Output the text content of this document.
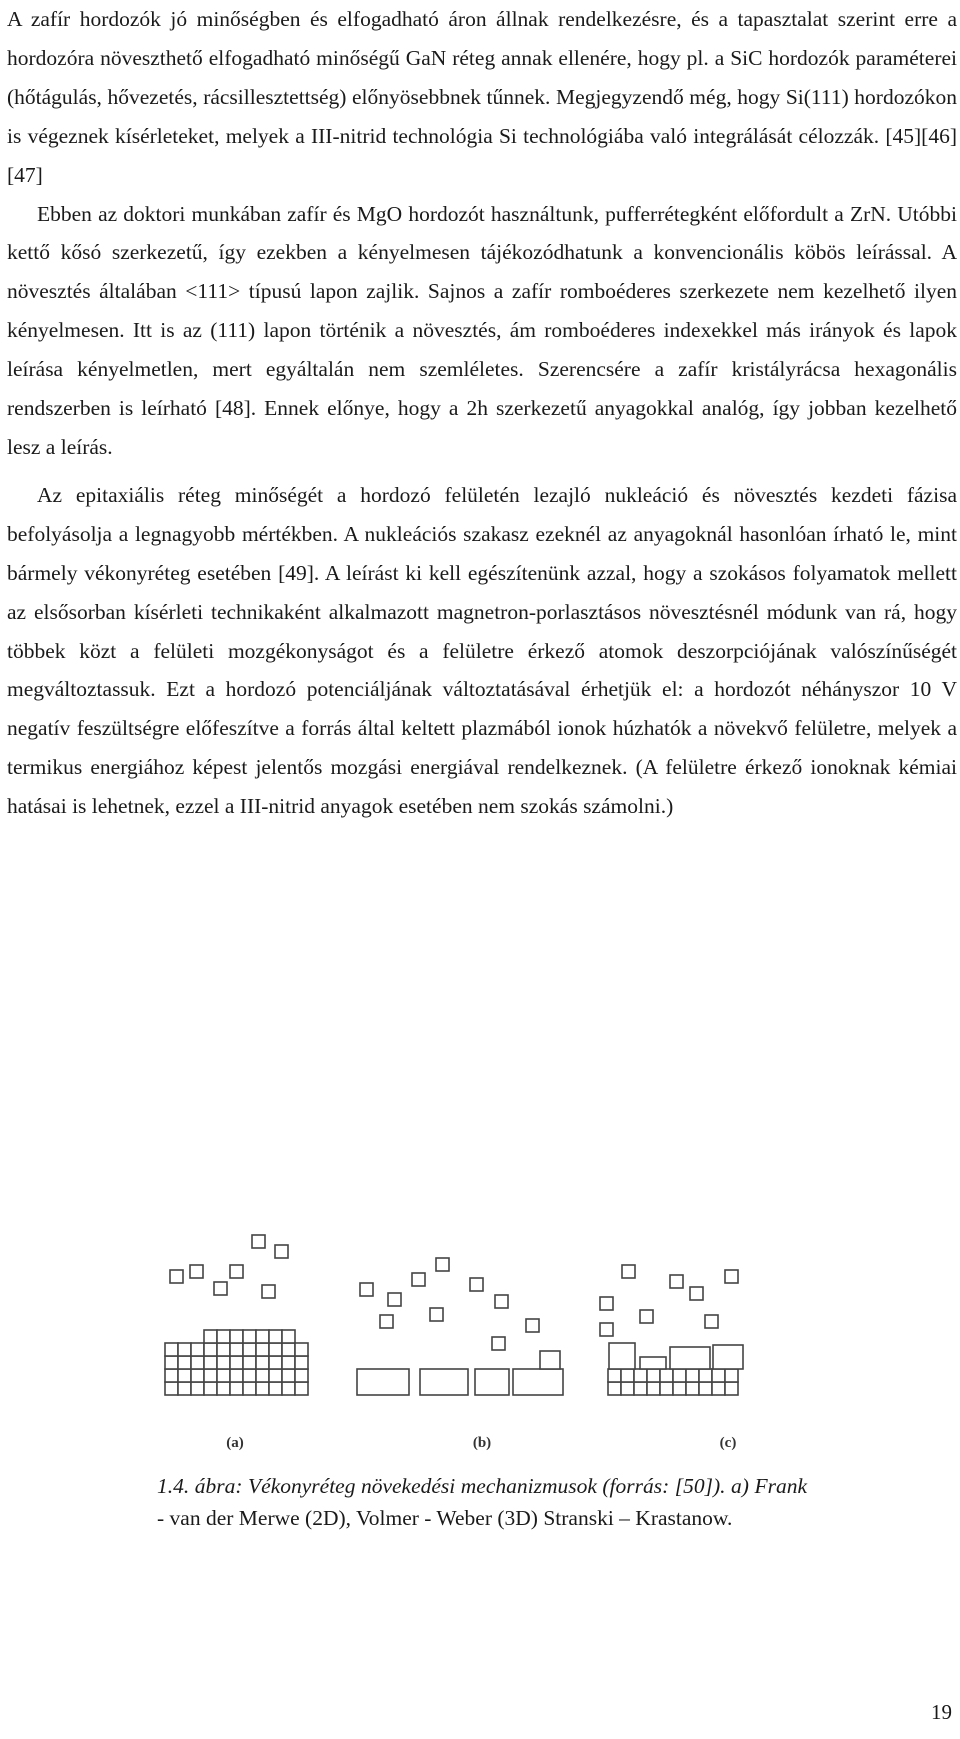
A zafír hordozók jó minőségben és elfogadható áron állnak rendelkezésre, és a tapasztalat szerint erre a hordozóra növeszthető elfogadható minőségű GaN réteg annak ellenére, hogy pl. a SiC hordozók paraméterei (hőtágulás, hővezetés, rácsillesztettség) előnyösebbnek tűnnek. Megjegyzendő még, hogy Si(111) hordozókon is végeznek kísérleteket, melyek a III-nitrid technológia Si technológiába való integrálását célozzák. [45][46][47]

Ebben az doktori munkában zafír és MgO hordozót használtunk, pufferrétegként előfordult a ZrN. Utóbbi kettő kősó szerkezetű, így ezekben a kényelmesen tájékozódhatunk a konvencionális köbös leírással. A növesztés általában <111> típusú lapon zajlik. Sajnos a zafír romboéderes szerkezete nem kezelhető ilyen kényelmesen. Itt is az (111) lapon történik a növesztés, ám romboéderes indexekkel más irányok és lapok leírása kényelmetlen, mert egyáltalán nem szemléletes. Szerencsére a zafír kristályrácsa hexagonális rendszerben is leírható [48]. Ennek előnye, hogy a 2h szerkezetű anyagokkal analóg, így jobban kezelhető lesz a leírás.

Az epitaxiális réteg minőségét a hordozó felületén lezajló nukleáció és növesztés kezdeti fázisa befolyásolja a legnagyobb mértékben. A nukleációs szakasz ezeknél az anyagoknál hasonlóan írható le, mint bármely vékonyréteg esetében [49]. A leírást ki kell egészítenünk azzal, hogy a szokásos folyamatok mellett az elsősorban kísérleti technikaként alkalmazott magnetron-porlasztásos növesztésnél módunk van rá, hogy többek közt a felületi mozgékonyságot és a felületre érkező atomok deszorpciójának valószínűségét megváltoztassuk. Ezt a hordozó potenciáljának változtatásával érhetjük el: a hordozót néhányszor 10 V negatív feszültségre előfeszítve a forrás által keltett plazmából ionok húzhatók a növekvő felületre, melyek a termikus energiához képest jelentős mozgási energiával rendelkeznek. (A felületre érkező ionoknak kémiai hatásai is lehetnek, ezzel a III-nitrid anyagok esetében nem szokás számolni.)

(a)	(b)	(c)

1.4. ábra: Vékonyréteg növekedési mechanizmusok (forrás: [50]). a) Frank - van der Merwe (2D), Volmer - Weber (3D) Stranski – Krastanow.

19
